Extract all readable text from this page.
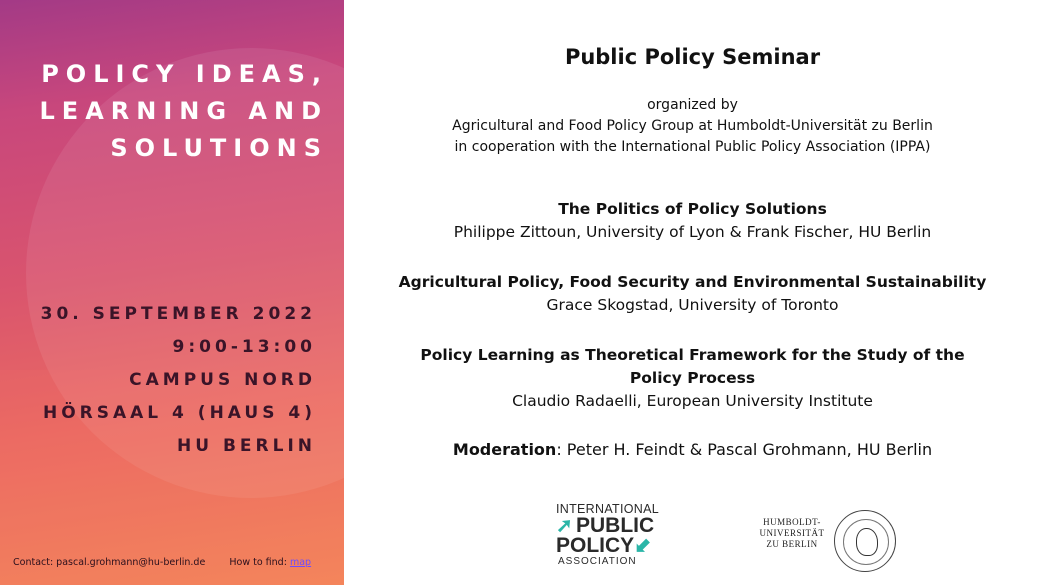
POLICY IDEAS,
LEARNING AND
SOLUTIONS
30. SEPTEMBER 2022
9:00-13:00
CAMPUS NORD
HÖRSAAL 4 (HAUS 4)
HU BERLIN
Contact: pascal.grohmann@hu-berlin.de	How to find: map
Public Policy Seminar
organized by
Agricultural and Food Policy Group at Humboldt-Universität zu Berlin
in cooperation with the International Public Policy Association (IPPA)
The Politics of Policy Solutions
Philippe Zittoun, University of Lyon & Frank Fischer, HU Berlin
Agricultural Policy, Food Security and Environmental Sustainability
Grace Skogstad, University of Toronto
Policy Learning as Theoretical Framework for the Study of the
Policy Process
Claudio Radaelli, European University Institute
Moderation: Peter H. Feindt & Pascal Grohmann, HU Berlin
INTERNATIONAL
➚ PUBLIC
POLICY ⬋
ASSOCIATION
HUMBOLDT-
UNIVERSITÄT
ZU BERLIN
